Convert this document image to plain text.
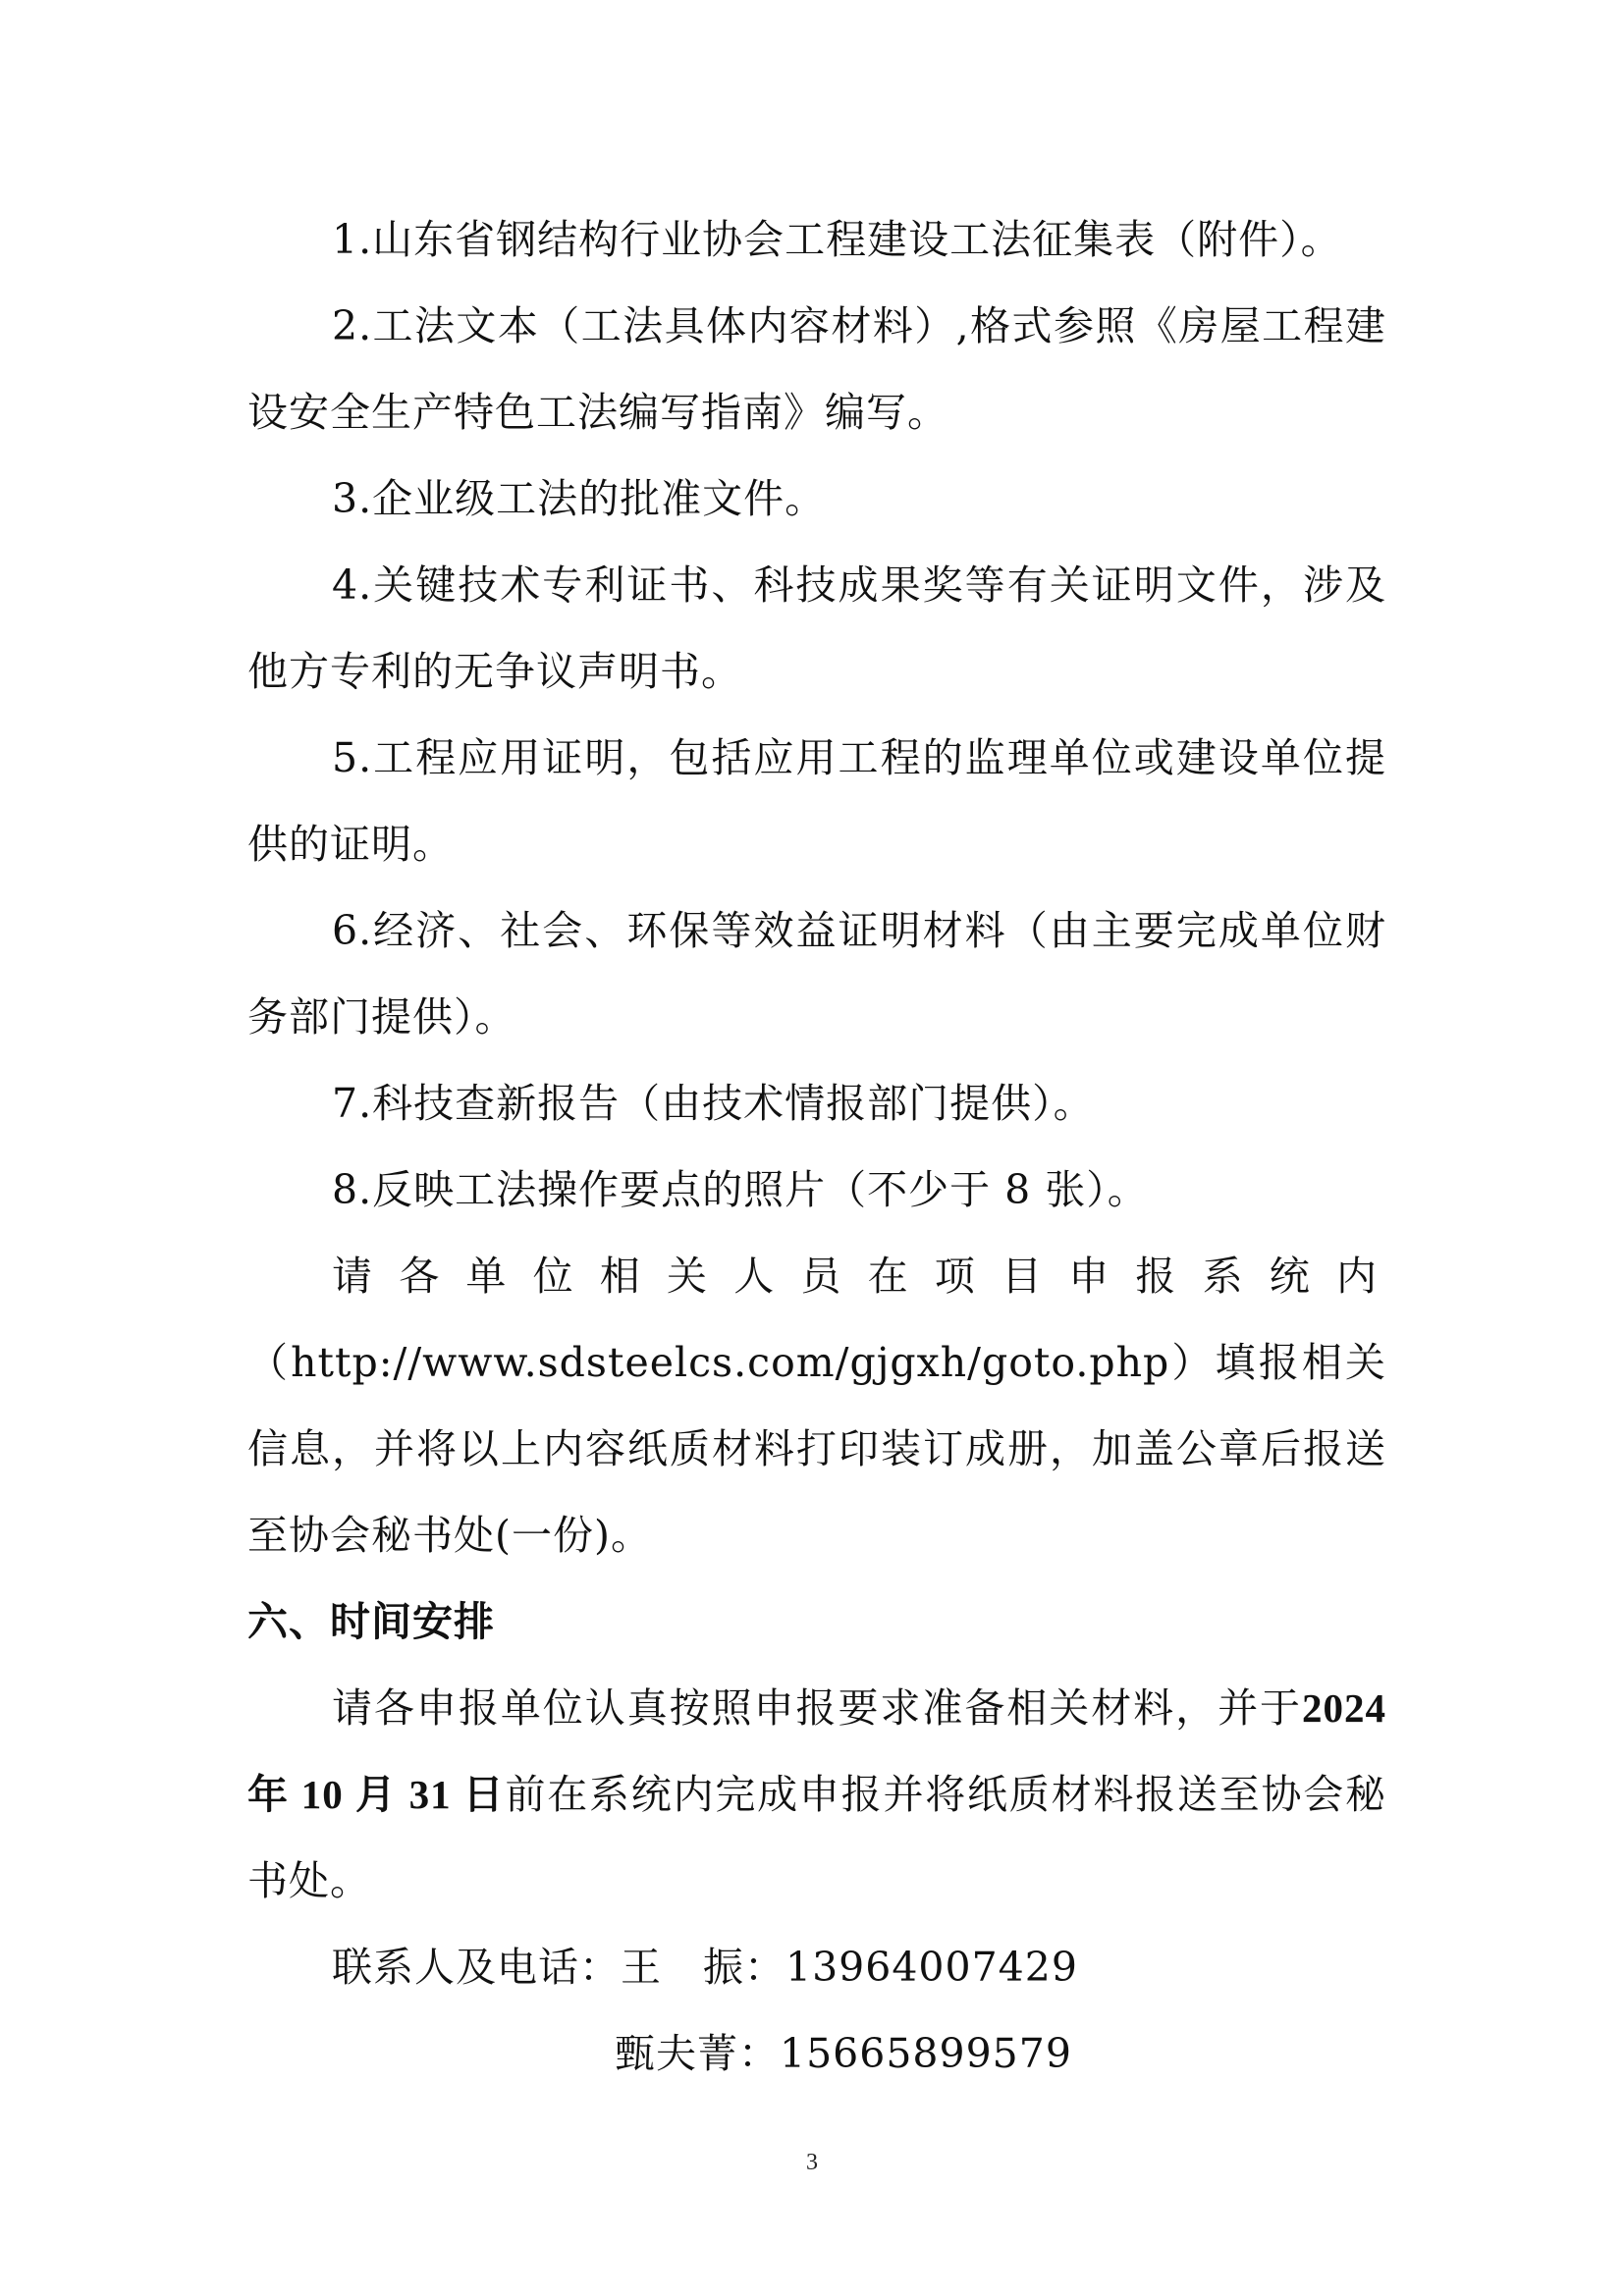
1.山东省钢结构行业协会工程建设工法征集表（附件）。

2.工法文本（工法具体内容材料）,格式参照《房屋工程建设安全生产特色工法编写指南》编写。

3.企业级工法的批准文件。

4.关键技术专利证书、科技成果奖等有关证明文件，涉及他方专利的无争议声明书。

5.工程应用证明，包括应用工程的监理单位或建设单位提供的证明。

6.经济、社会、环保等效益证明材料（由主要完成单位财务部门提供）。

7.科技查新报告（由技术情报部门提供）。

8.反映工法操作要点的照片（不少于 8 张）。

请各单位相关人员在项目申报系统内

（http://www.sdsteelcs.com/gjgxh/goto.php）填报相关信息，并将以上内容纸质材料打印装订成册，加盖公章后报送至协会秘书处(一份)。

六、时间安排

请各申报单位认真按照申报要求准备相关材料，并于2024年 10 月 31 日前在系统内完成申报并将纸质材料报送至协会秘书处。

联系人及电话：王　振：13964007429

甄夫菁：15665899579

3
